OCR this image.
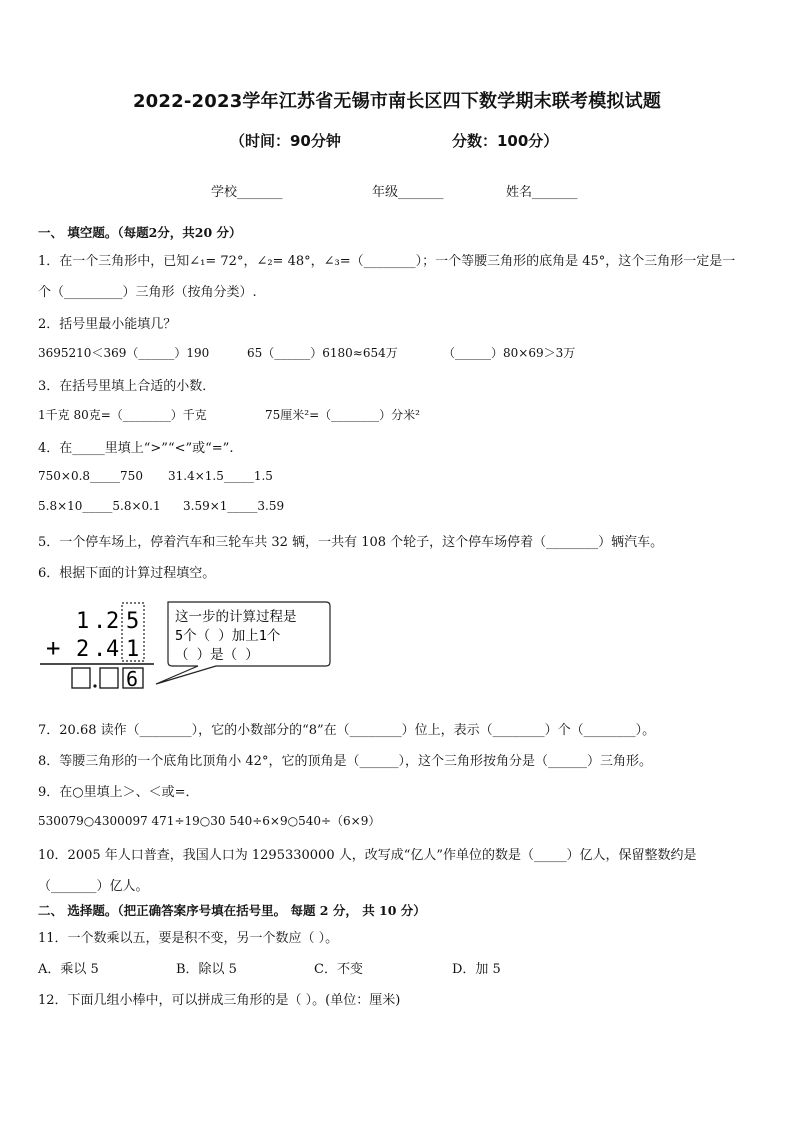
2022-2023学年江苏省无锡市南长区四下数学期末联考模拟试题
（时间：90分钟	分数：100分）
学校_______	年级_______	姓名_______
一、 填空题。（每题2分，共20 分）
1．在一个三角形中，已知∠₁= 72°，∠₂= 48°，∠₃=（________）；一个等腰三角形的底角是 45°，这个三角形一定是一
个（_________）三角形（按角分类）.
2．括号里最小能填几？
3695210＜369（______）190	65（______）6180≈654万	（______）80×69＞3万
3．在括号里填上合适的小数．
1千克 80克=（________）千克	75厘米²=（________）分米²
4．在_____里填上“>”“<”或“=”.
750×0.8_____750 31.4×1.5_____1.5
5.8×10_____5.8×0.1 3.59×1_____3.59
5．一个停车场上，停着汽车和三轮车共 32 辆，一共有 108 个轮子，这个停车场停着（________）辆汽车。
6．根据下面的计算过程填空。
1 . 2 5
+ 2 . 4 1
6
这一步的计算过程是
5个（ ）加上1个
（ ）是（ ）
7．20.68 读作（________），它的小数部分的“8”在（________）位上，表示（________）个（________）。
8．等腰三角形的一个底角比顶角小 42°，它的顶角是（______），这个三角形按角分是（______）三角形。
9．在○里填上＞、＜或=．
530079○4300097 471÷19○30 540÷6×9○540÷（6×9）
10．2005 年人口普查，我国人口为 1295330000 人，改写成“亿人”作单位的数是（_____）亿人，保留整数约是
（_______）亿人。
二、 选择题。（把正确答案序号填在括号里。 每题 2 分， 共 10 分）
11．一个数乘以五，要是积不变，另一个数应（ ）。
A．乘以 5	B．除以 5	C．不变	D．加 5
12．下面几组小棒中，可以拼成三角形的是（ ）。(单位：厘米)
